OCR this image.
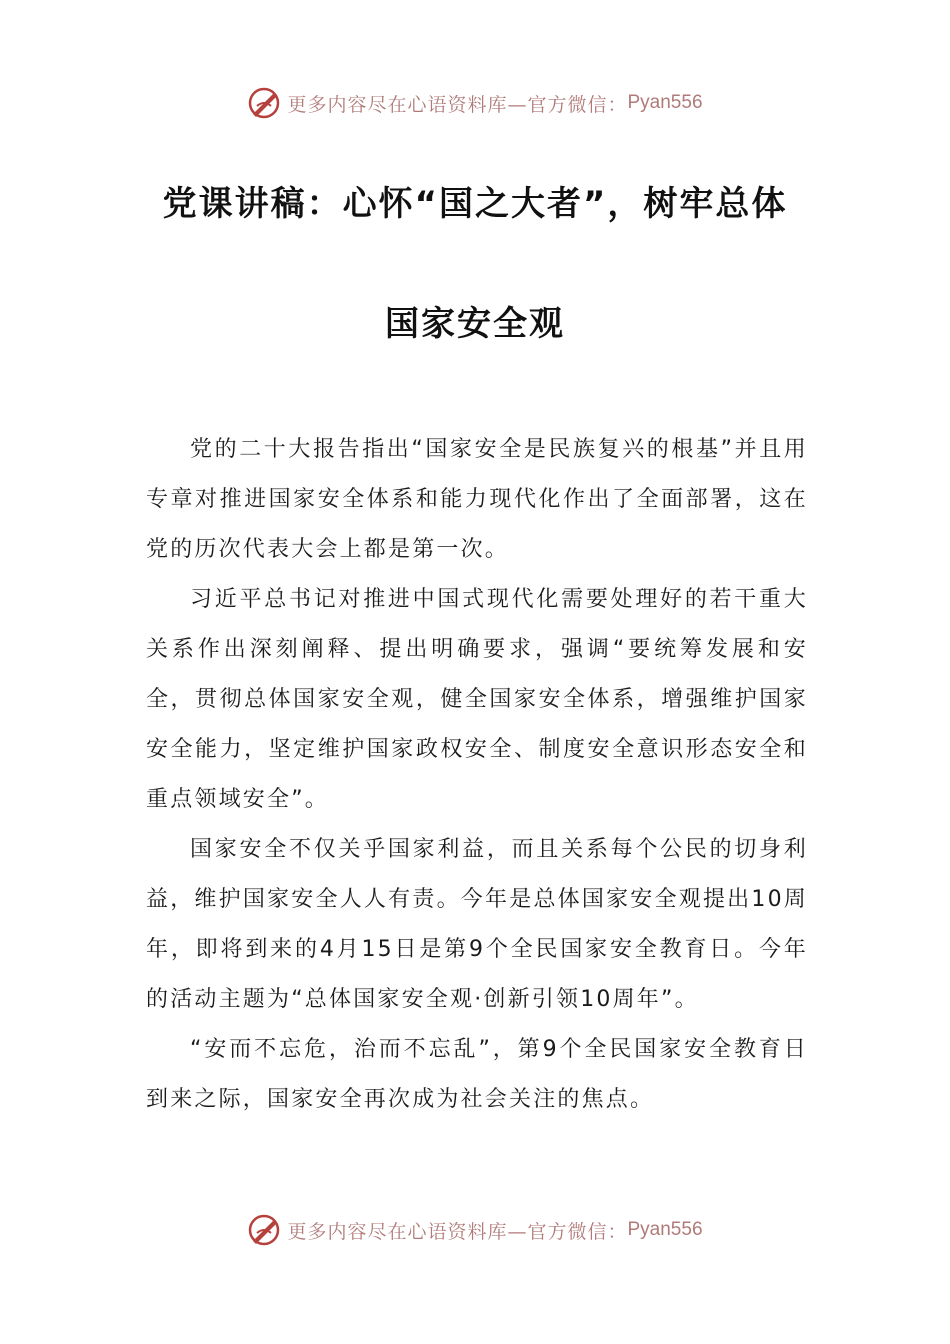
更多内容尽在心语资料库—官方微信： Pyan556
党课讲稿：心怀“国之大者”，树牢总体
国家安全观

党的二十大报告指出“国家安全是民族复兴的根基”并且用专章对推进国家安全体系和能力现代化作出了全面部署，这在党的历次代表大会上都是第一次。

习近平总书记对推进中国式现代化需要处理好的若干重大关系作出深刻阐释、提出明确要求，强调“要统筹发展和安全，贯彻总体国家安全观，健全国家安全体系，增强维护国家安全能力，坚定维护国家政权安全、制度安全意识形态安全和重点领域安全”。

国家安全不仅关乎国家利益，而且关系每个公民的切身利益，维护国家安全人人有责。今年是总体国家安全观提出10周年，即将到来的4月15日是第9个全民国家安全教育日。今年的活动主题为“总体国家安全观·创新引领10周年”。

“安而不忘危，治而不忘乱”，第9个全民国家安全教育日到来之际，国家安全再次成为社会关注的焦点。

更多内容尽在心语资料库—官方微信： Pyan556
